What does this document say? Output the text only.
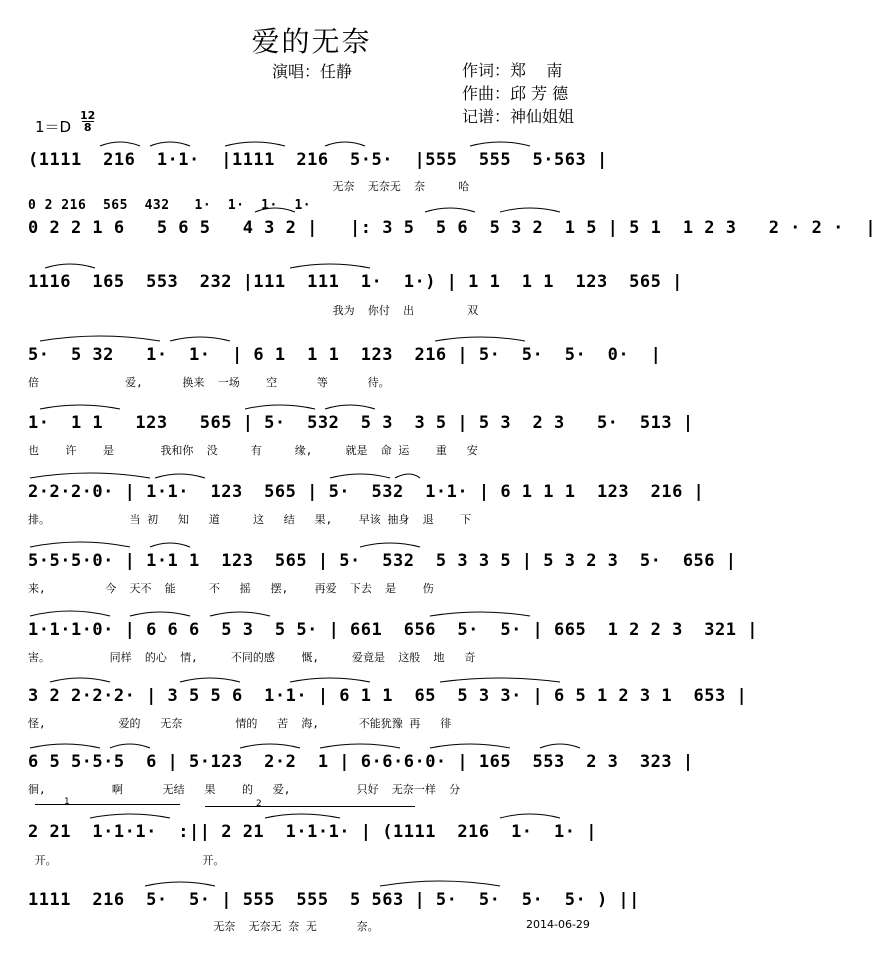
爱的无奈
演唱：任静	作词：郑    南
作曲：邱 芳 德
记谱：神仙姐姐
1＝D
12
8
(1111  216  1·1·  |1111  216  5·5·  |555  555  5·563 |
无奈  无奈无  奈     哈
0 2 216  565  432   1·  1·  1·  1·
0 2 2 1 6   5 6 5   4 3 2 |   |: 3 5  5 6  5 3 2  1 5 | 5 1  1 2 3   2 · 2 ·  |
1116  165  553  232 |111  111  1·  1·) | 1 1  1 1  123  565 |
我为  你付  出        双
5·  5 32   1·  1·  | 6 1  1 1  123  216 | 5·  5·  5·  0·  |
倍             爱,      换来  一场    空      等      待。
1·  1 1   123   565 | 5·  532  5 3  3 5 | 5 3  2 3   5·  513 |
也    许    是       我和你  没     有     缘,     就是  命 运    重   安
2·2·2·0· | 1·1·  123  565 | 5·  532  1·1· | 6 1 1 1  123  216 |
排。            当 初   知   道     这   结   果,    早该 抽身  退    下
5·5·5·0· | 1·1 1  123  565 | 5·  532  5 3 3 5 | 5 3 2 3  5·  656 |
来,         今  天不  能     不   摇   摆,    再爱  下去  是    伤
1·1·1·0· | 6 6 6  5 3  5 5· | 661  656  5·  5· | 665  1 2 2 3  321 |
害。         同样  的心  情,     不同的感    慨,     爱竟是  这般  地   奇
3 2 2·2·2· | 3 5 5 6  1·1· | 6 1 1  65  5 3 3· | 6 5 1 2 3 1  653 |
怪,           爱的   无奈        情的   苦  海,      不能犹豫 再   徘
6 5 5·5·5  6 | 5·123  2·2  1 | 6·6·6·0· | 165  553  2 3  323 |
徊,          啊      无结   果    的   爱,          只好  无奈一样  分
1	2
2 21  1·1·1·  :|| 2 21  1·1·1· | (1111  216  1·  1· |
开。                      开。
1111  216  5·  5· | 555  555  5 563 | 5·  5·  5·  5· ) ||
无奈  无奈无 奈 无      奈。	2014-06-29
